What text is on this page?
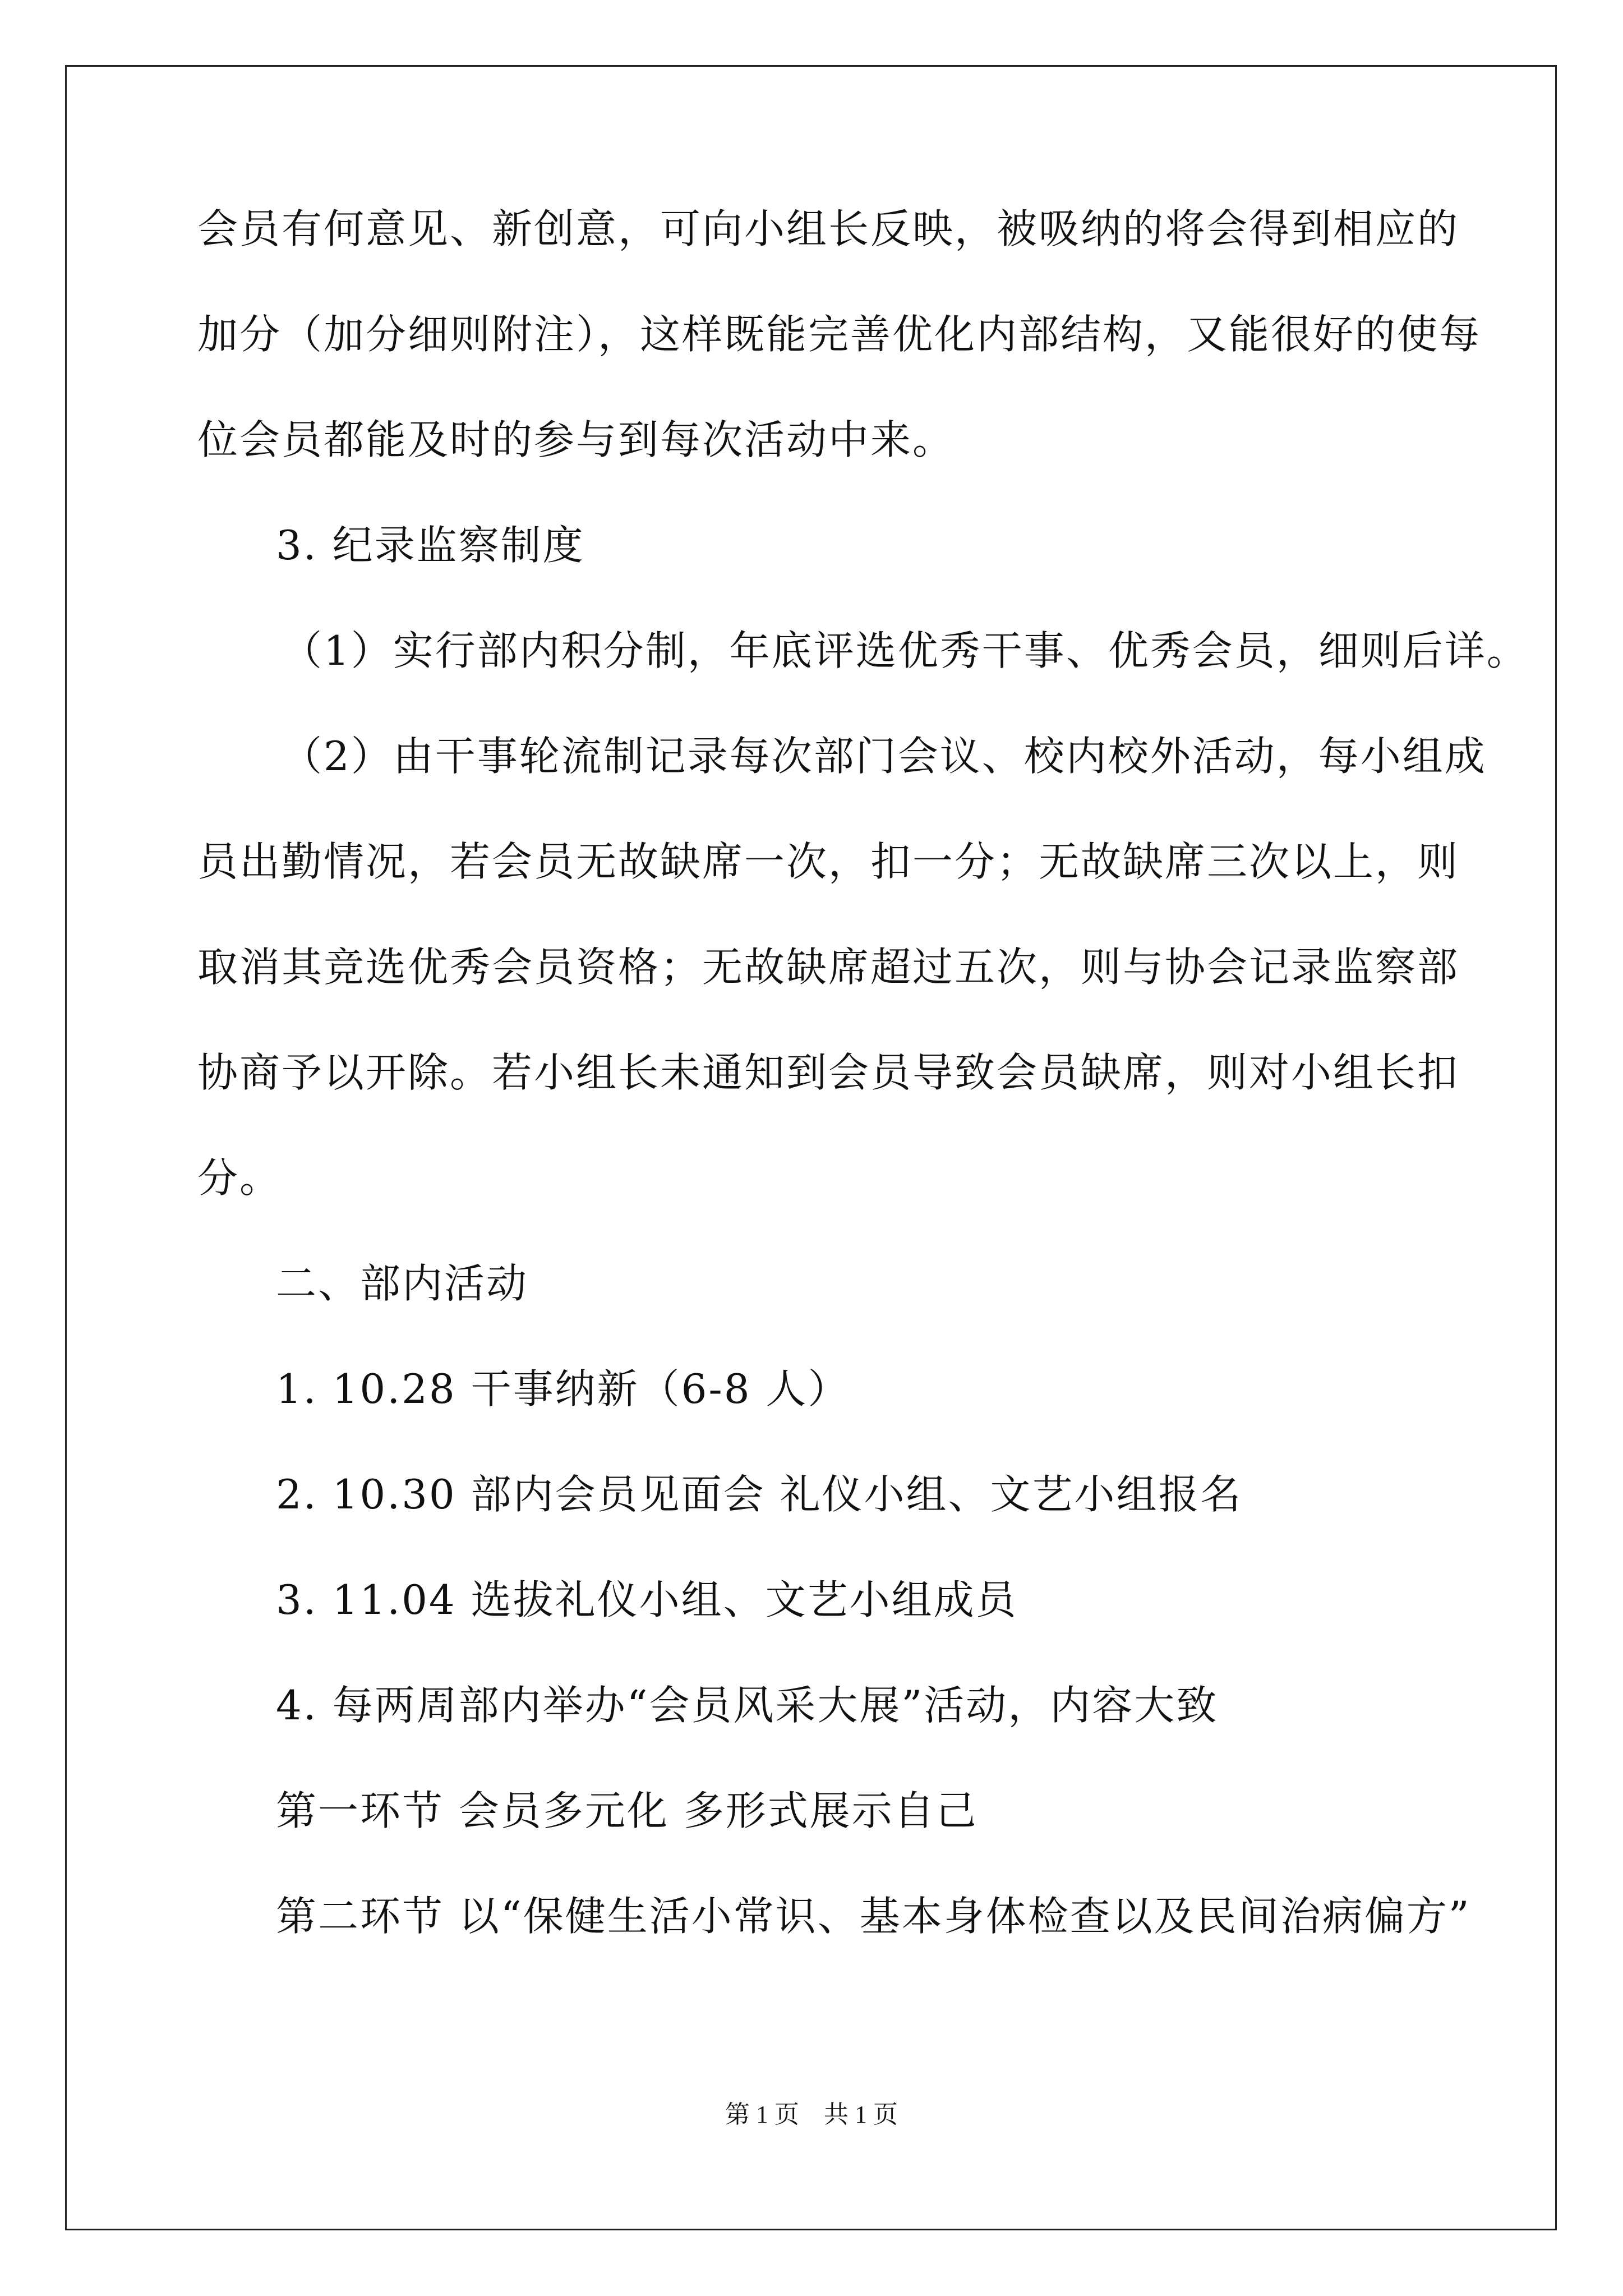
会员有何意见、新创意，可向小组长反映，被吸纳的将会得到相应的
加分（加分细则附注），这样既能完善优化内部结构，又能很好的使每
位会员都能及时的参与到每次活动中来。
3. 纪录监察制度
（1）实行部内积分制，年底评选优秀干事、优秀会员，细则后详。
（2）由干事轮流制记录每次部门会议、校内校外活动，每小组成
员出勤情况，若会员无故缺席一次，扣一分；无故缺席三次以上，则
取消其竞选优秀会员资格；无故缺席超过五次，则与协会记录监察部
协商予以开除。若小组长未通知到会员导致会员缺席，则对小组长扣
分。
二、部内活动
1. 10.28 干事纳新（6-8 人）
2. 10.30 部内会员见面会 礼仪小组、文艺小组报名
3. 11.04 选拔礼仪小组、文艺小组成员
4. 每两周部内举办“会员风采大展”活动，内容大致
第一环节 会员多元化 多形式展示自己
第二环节 以“保健生活小常识、基本身体检查以及民间治病偏方”
第 1 页　共 1 页
